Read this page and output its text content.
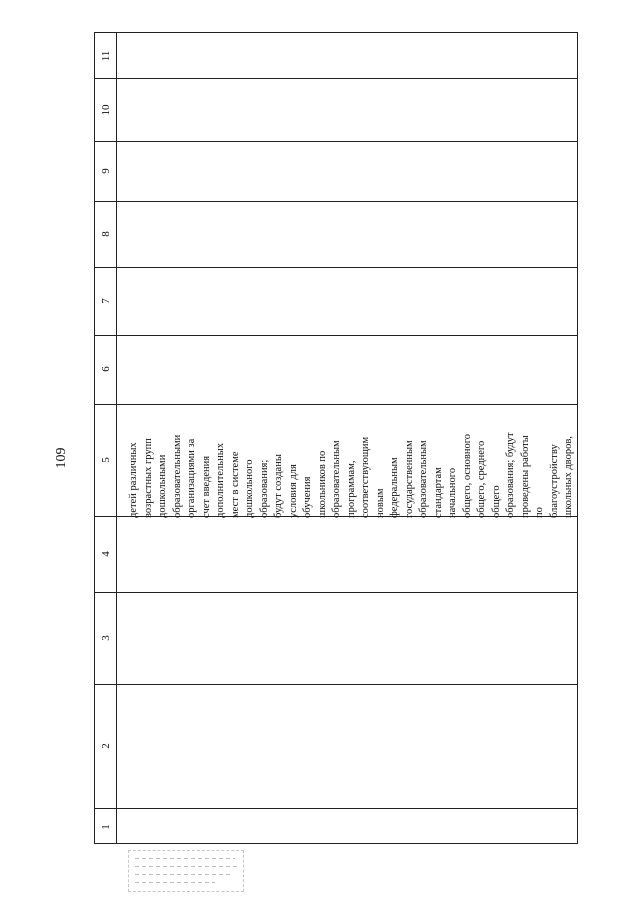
109
11
10
9
8
7
6
5
4
3
2
1
детей различных возрастных групп дошкольными образовательными организациями за счет введения дополнительных мест в системе дошкольного образования; будут созданы условия для обучения школьников по образовательным программам, соответствующим новым федеральным государственным образовательным стандартам начального общего, основного общего, среднего общего образования; будут проведены работы по благоустройству школьных дворов,
